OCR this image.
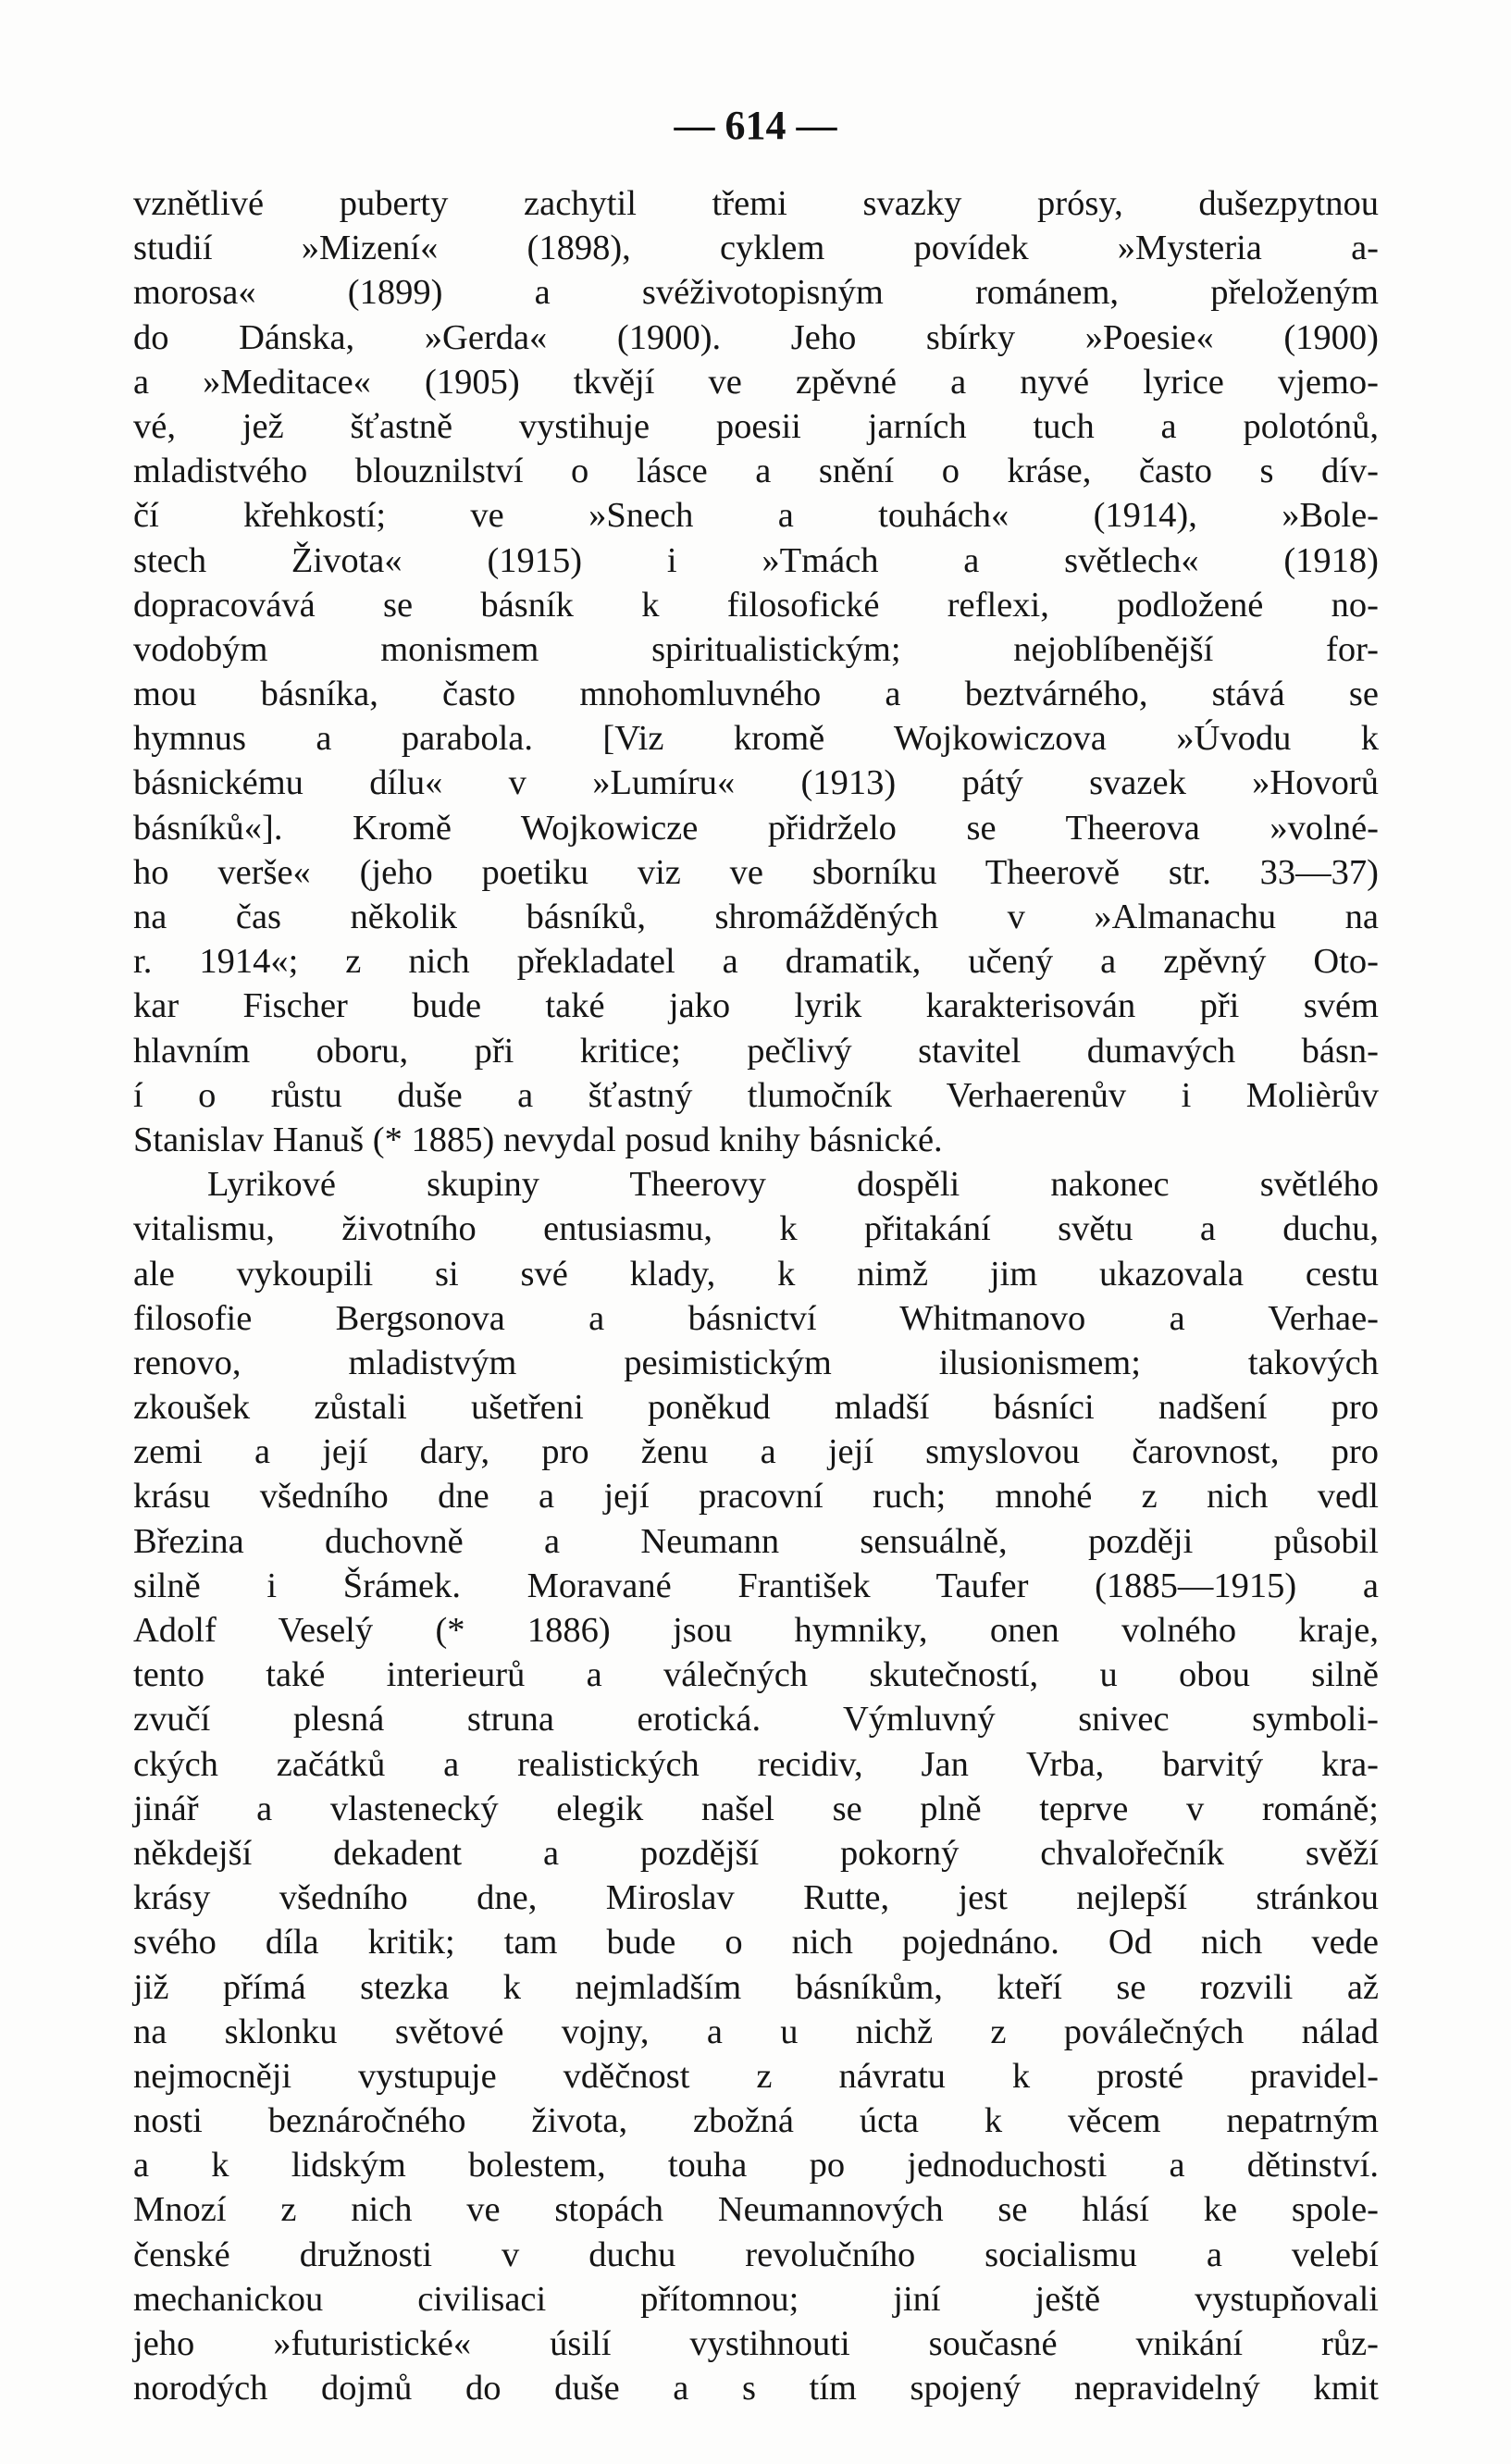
— 614 —
vznětlivé puberty zachytil třemi svazky prósy, dušezpytnou
studií »Mizení« (1898), cyklem povídek »Mysteria a-
morosa« (1899) a svéživotopisným románem, přeloženým
do Dánska, »Gerda« (1900). Jeho sbírky »Poesie« (1900)
a »Meditace« (1905) tkvějí ve zpěvné a nyvé lyrice vjemo-
vé, jež šťastně vystihuje poesii jarních tuch a polotónů,
mladistvého blouznilství o lásce a snění o kráse, často s dív-
čí křehkostí; ve »Snech a touhách« (1914), »Bole-
stech Života« (1915) i »Tmách a světlech« (1918)
dopracovává se básník k filosofické reflexi, podložené no-
vodobým monismem spiritualistickým; nejoblíbenější for-
mou básníka, často mnohomluvného a beztvárného, stává se
hymnus a parabola. [Viz kromě Wojkowiczova »Úvodu k
básnickému dílu« v »Lumíru« (1913) pátý svazek »Hovorů
básníků«]. Kromě Wojkowicze přidrželo se Theerova »volné-
ho verše« (jeho poetiku viz ve sborníku Theerově str. 33—37)
na čas několik básníků, shromážděných v »Almanachu na
r. 1914«; z nich překladatel a dramatik, učený a zpěvný Oto-
kar Fischer bude také jako lyrik karakterisován při svém
hlavním oboru, při kritice; pečlivý stavitel dumavých básn-
í o růstu duše a šťastný tlumočník Verhaerenův i Molièrův
Stanislav Hanuš (* 1885) nevydal posud knihy básnické.
Lyrikové skupiny Theerovy dospěli nakonec světlého
vitalismu, životního entusiasmu, k přitakání světu a duchu,
ale vykoupili si své klady, k nimž jim ukazovala cestu
filosofie Bergsonova a básnictví Whitmanovo a Verhae-
renovo, mladistvým pesimistickým ilusionismem; takových
zkoušek zůstali ušetřeni poněkud mladší básníci nadšení pro
zemi a její dary, pro ženu a její smyslovou čarovnost, pro
krásu všedního dne a její pracovní ruch; mnohé z nich vedl
Březina duchovně a Neumann sensuálně, později působil
silně i Šrámek. Moravané František Taufer (1885—1915) a
Adolf Veselý (* 1886) jsou hymniky, onen volného kraje,
tento také interieurů a válečných skutečností, u obou silně
zvučí plesná struna erotická. Výmluvný snivec symboli-
ckých začátků a realistických recidiv, Jan Vrba, barvitý kra-
jinář a vlastenecký elegik našel se plně teprve v románě;
někdejší dekadent a pozdější pokorný chvalořečník svěží
krásy všedního dne, Miroslav Rutte, jest nejlepší stránkou
svého díla kritik; tam bude o nich pojednáno. Od nich vede
již přímá stezka k nejmladším básníkům, kteří se rozvili až
na sklonku světové vojny, a u nichž z poválečných nálad
nejmocněji vystupuje vděčnost z návratu k prosté pravidel-
nosti beznáročného života, zbožná úcta k věcem nepatrným
a k lidským bolestem, touha po jednoduchosti a dětinství.
Mnozí z nich ve stopách Neumannových se hlásí ke spole-
čenské družnosti v duchu revolučního socialismu a velebí
mechanickou civilisaci přítomnou; jiní ještě vystupňovali
jeho »futuristické« úsilí vystihnouti současné vnikání růz-
norodých dojmů do duše a s tím spojený nepravidelný kmit
